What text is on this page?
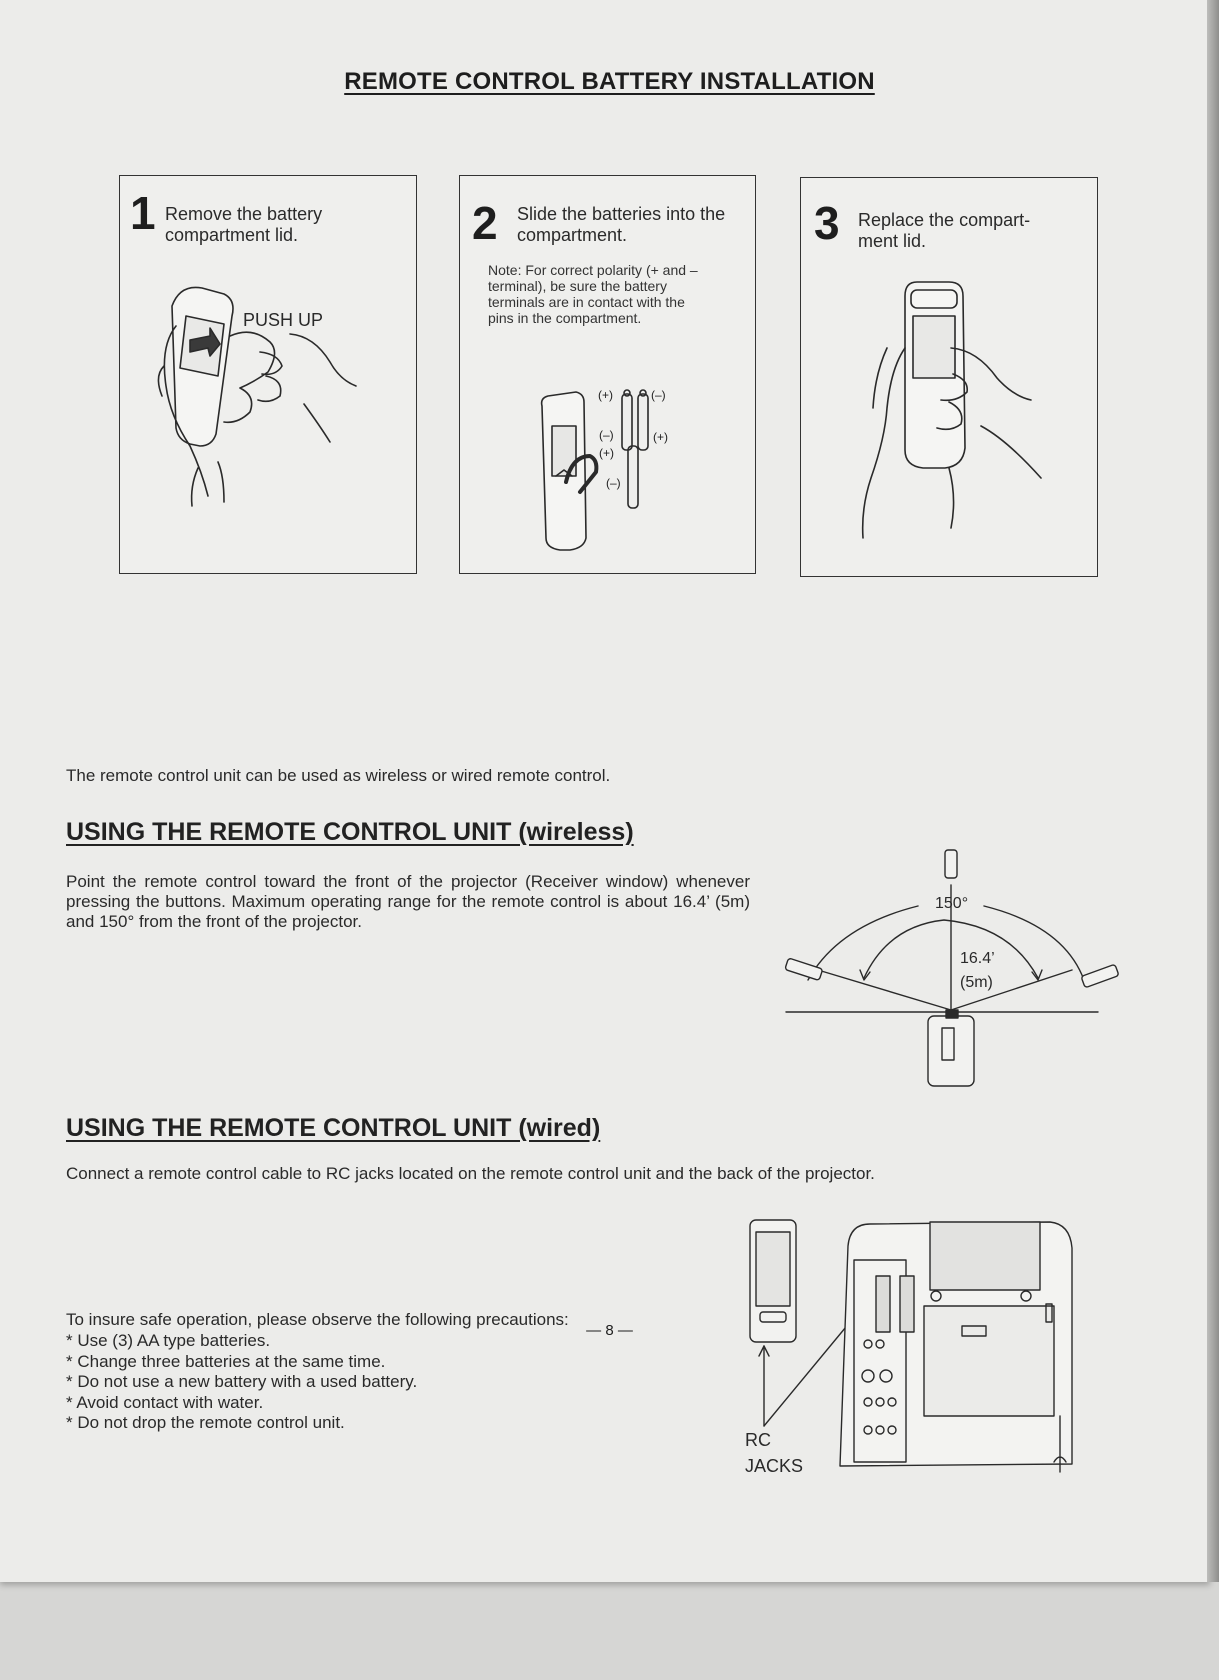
REMOTE CONTROL BATTERY INSTALLATION
1 Remove the battery
compartment lid.
PUSH UP
2 Slide the batteries into the
compartment.
Note: For correct polarity (+ and – terminal), be sure the battery terminals are in contact with the pins in the compartment.
(+)	(–)
(–)	(+)
(+)
(–)
3 Replace the compart-
ment lid.
The remote control unit can be used as wireless or wired remote control.
USING THE REMOTE CONTROL UNIT (wireless)
Point the remote control toward the front of the projector (Receiver window) whenever pressing the buttons. Maximum operating range for the remote control is about 16.4’ (5m) and 150° from the front of the projector.
150°
16.4’
(5m)
USING THE REMOTE CONTROL UNIT (wired)
Connect a remote control cable to RC jacks located on the remote control unit and the back of the projector.
To insure safe operation, please observe the following precautions:
* Use (3) AA type batteries.
* Change three batteries at the same time.
* Do not use a new battery with a used battery.
* Avoid contact with water.
* Do not drop the remote control unit.
RC
JACKS
— 8 —
